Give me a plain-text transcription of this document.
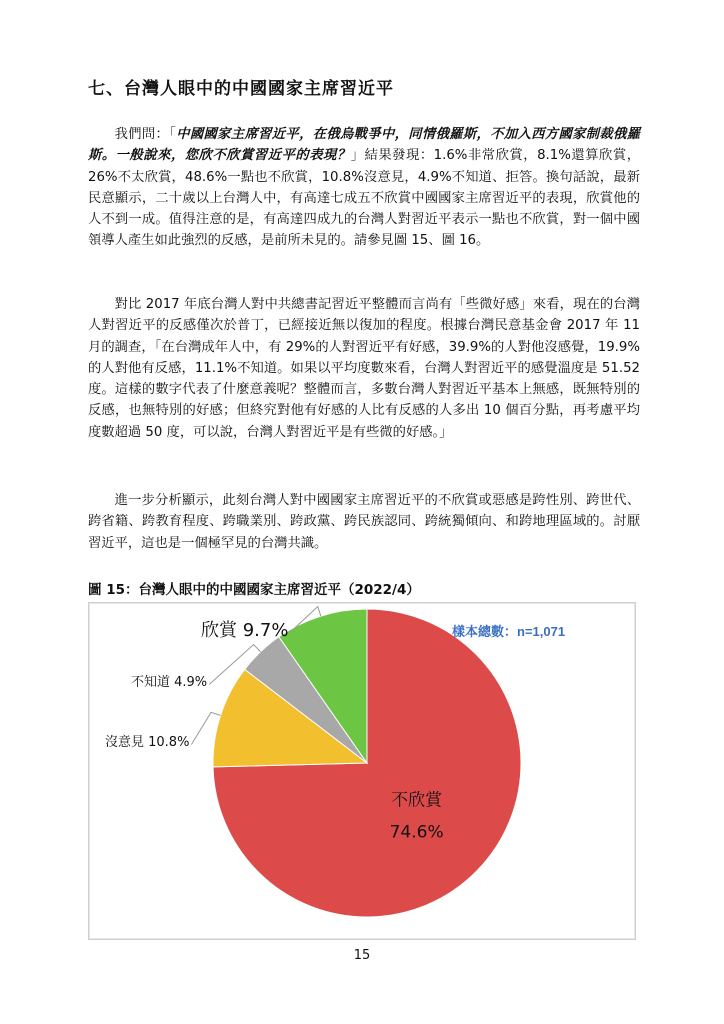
七、台灣人眼中的中國國家主席習近平
我們問：「中國國家主席習近平，在俄烏戰爭中，同情俄羅斯，不加入西方國家制裁俄羅斯。一般說來，您欣不欣賞習近平的表現？」結果發現：1.6%非常欣賞，8.1%還算欣賞，26%不太欣賞，48.6%一點也不欣賞，10.8%沒意見，4.9%不知道、拒答。換句話說，最新民意顯示，二十歲以上台灣人中，有高達七成五不欣賞中國國家主席習近平的表現，欣賞他的人不到一成。值得注意的是，有高達四成九的台灣人對習近平表示一點也不欣賞，對一個中國領導人產生如此強烈的反感，是前所未見的。請參見圖 15、圖 16。
對比 2017 年底台灣人對中共總書記習近平整體而言尚有「些微好感」來看，現在的台灣人對習近平的反感僅次於普丁，已經接近無以復加的程度。根據台灣民意基金會 2017 年 11 月的調查，「在台灣成年人中，有 29%的人對習近平有好感，39.9%的人對他沒感覺，19.9%的人對他有反感，11.1%不知道。如果以平均度數來看，台灣人對習近平的感覺溫度是 51.52 度。這樣的數字代表了什麼意義呢？整體而言，多數台灣人對習近平基本上無感，既無特別的反感，也無特別的好感；但終究對他有好感的人比有反感的人多出 10 個百分點，再考慮平均度數超過 50 度，可以說，台灣人對習近平是有些微的好感。」
進一步分析顯示，此刻台灣人對中國國家主席習近平的不欣賞或惡感是跨性別、跨世代、跨省籍、跨教育程度、跨職業別、跨政黨、跨民族認同、跨統獨傾向、和跨地理區域的。討厭習近平，這也是一個極罕見的台灣共識。
圖 15：台灣人眼中的中國國家主席習近平（2022/4）
不欣賞
74.6%
沒意見 10.8%
不知道 4.9%
欣賞 9.7%	樣本總數：n=1,071
15
